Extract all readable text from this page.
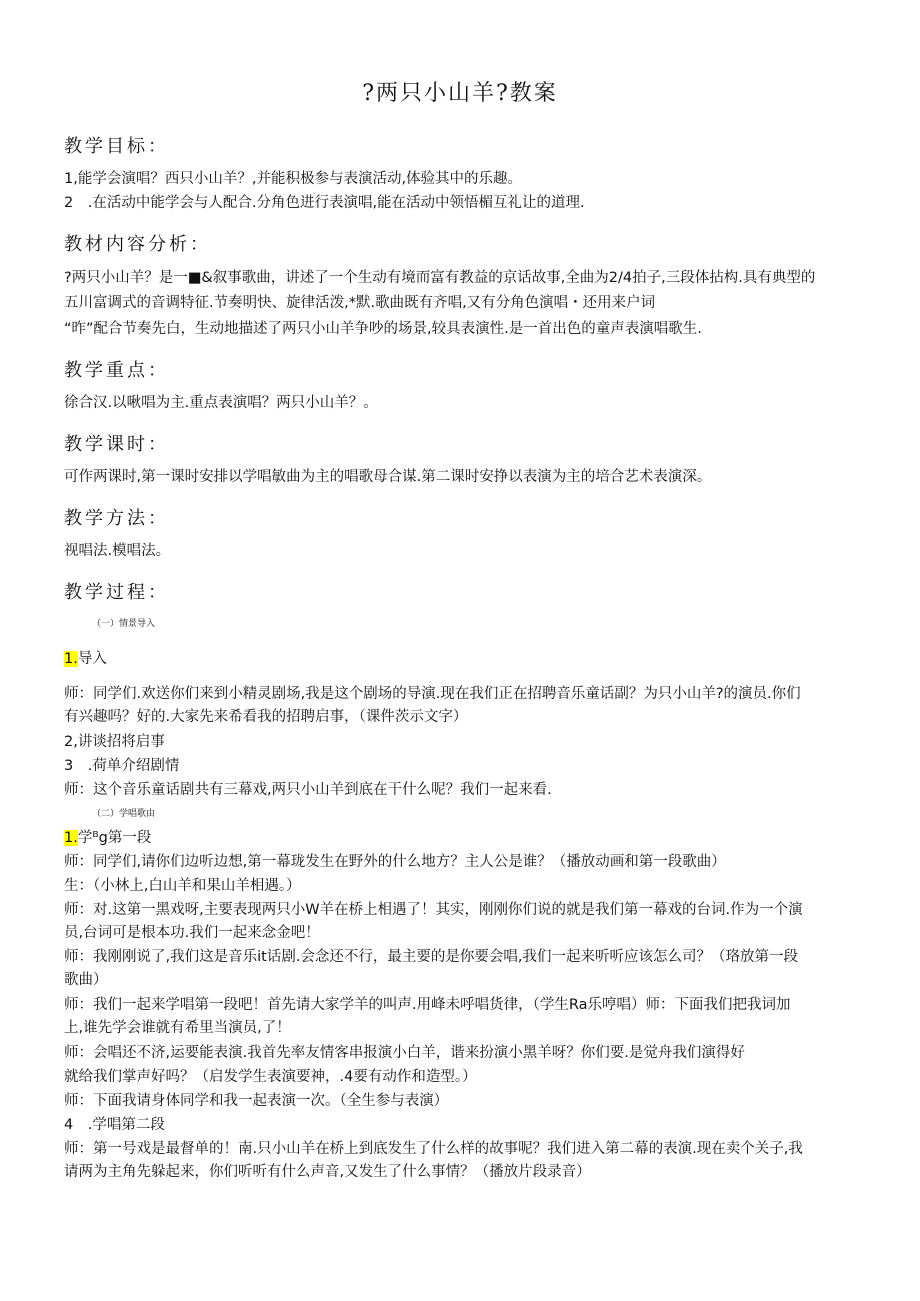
?两只小山羊?教案
教学目标：
1,能学会演唱？西只小山羊？,并能积极参与表演活动,体验其中的乐趣。
2　.在活动中能学会与人配合.分角色进行表演唱,能在活动中领悟楣互礼让的道理.
教材内容分析：
?两只小山羊？是一■&叙事歌曲，讲述了一个生动有境而富有教益的京话故事,全曲为2/4拍子,三段体拈构.具有典型的
五川富调式的音调特征.节奏明快、旋律活泼,*默.歌曲既有齐唱,又有分角色演唱・还用来户词
“昨”配合节奏先白，生动地描述了两只小山羊争吵的场景,较具表演性.是一首出色的童声表演唱歌生.
教学重点：
徐合汉.以啾唱为主.重点表演唱？两只小山羊？。
教学课时：
可作两课时,第一课时安排以学唱敏曲为主的唱歌母合谋.第二课时安挣以表演为主的培合艺术表演深。
教学方法：
视唱法.模唱法。
教学过程：
（一）情景导入
1.导入
师：同学们.欢送你们来到小精灵剧场,我是这个剧场的导演.现在我们正在招聘音乐童话副？为只小山羊?的演员.你们
有兴趣吗？好的.大家先来希看我的招聘启事，（课件茨示文字）
2,讲谈招将启事
3　.荷单介绍剧情
师：这个音乐童话剧共有三幕戏,两只小山羊到底在干什么呢？我们一起来看.
（二）学唱歌由
1.学ᴮg第一段
师：同学们,请你们边听边想,第一幕珑发生在野外的什么地方？主人公是谁？（播放动画和第一段歌曲）
生：（小林上,白山羊和果山羊相遇。）
师：对.这第一黑戏呀,主要表现两只小W羊在桥上相遇了！其实，刚刚你们说的就是我们第一幕戏的台词.作为一个演
员,台词可是根本功.我们一起来念金吧！
师：我刚刚说了,我们这是音乐it话剧.会念还不行，最主要的是你要会唱,我们一起来听听应该怎么司？（珞放第一段
歌曲）
师：我们一起来学唱第一段吧！首先请大家学羊的叫声.用峰未呼唱货律，（学生Ra乐哼唱）师：下面我们把我词加
上,谁先学会谁就有希里当演员,了！
师：会唱还不济,运要能表演.我首先率友情客串报演小白羊，谐来扮演小黑羊呀？你们要.是觉舟我们演得好
就给我们掌声好吗？（启发学生表演要神，.4要有动作和造型。）
师：下面我请身体同学和我一起表演一次。（全生参与表演）
4　.学唱第二段
师：第一号戏是最督单的！南.只小山羊在桥上到底发生了什么样的故事呢？我们进入第二幕的表演.现在卖个关子,我
请两为主角先躲起来，你们听听有什么声音,又发生了什么事情？（播放片段录音）
